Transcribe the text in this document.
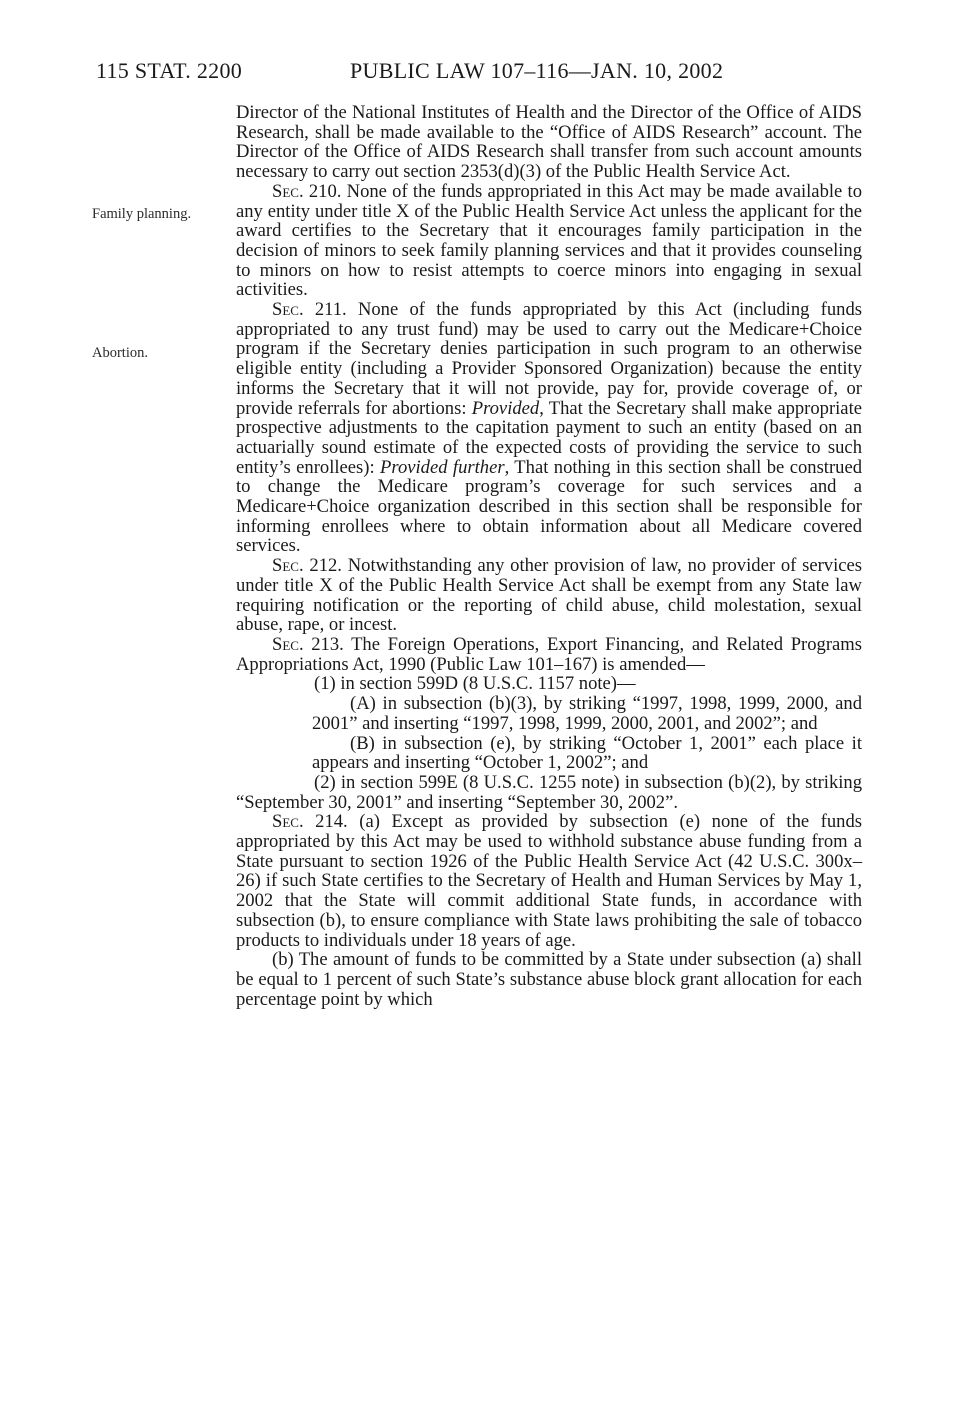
115 STAT. 2200	PUBLIC LAW 107–116—JAN. 10, 2002
Family planning.
Abortion.

Director of the National Institutes of Health and the Director of the Office of AIDS Research, shall be made available to the “Office of AIDS Research” account. The Director of the Office of AIDS Research shall transfer from such account amounts necessary to carry out section 2353(d)(3) of the Public Health Service Act.

Sec. 210. None of the funds appropriated in this Act may be made available to any entity under title X of the Public Health Service Act unless the applicant for the award certifies to the Secretary that it encourages family participation in the decision of minors to seek family planning services and that it provides counseling to minors on how to resist attempts to coerce minors into engaging in sexual activities.

Sec. 211. None of the funds appropriated by this Act (including funds appropriated to any trust fund) may be used to carry out the Medicare+Choice program if the Secretary denies participation in such program to an otherwise eligible entity (including a Provider Sponsored Organization) because the entity informs the Secretary that it will not provide, pay for, provide coverage of, or provide referrals for abortions: Provided, That the Secretary shall make appropriate prospective adjustments to the capitation payment to such an entity (based on an actuarially sound estimate of the expected costs of providing the service to such entity’s enrollees): Provided further, That nothing in this section shall be construed to change the Medicare program’s coverage for such services and a Medicare+Choice organization described in this section shall be responsible for informing enrollees where to obtain information about all Medicare covered services.

Sec. 212. Notwithstanding any other provision of law, no provider of services under title X of the Public Health Service Act shall be exempt from any State law requiring notification or the reporting of child abuse, child molestation, sexual abuse, rape, or incest.

Sec. 213. The Foreign Operations, Export Financing, and Related Programs Appropriations Act, 1990 (Public Law 101–167) is amended—

(1) in section 599D (8 U.S.C. 1157 note)—

(A) in subsection (b)(3), by striking “1997, 1998, 1999, 2000, and 2001” and inserting “1997, 1998, 1999, 2000, 2001, and 2002”; and

(B) in subsection (e), by striking “October 1, 2001” each place it appears and inserting “October 1, 2002”; and

(2) in section 599E (8 U.S.C. 1255 note) in subsection (b)(2), by striking “September 30, 2001” and inserting “September 30, 2002”.

Sec. 214. (a) Except as provided by subsection (e) none of the funds appropriated by this Act may be used to withhold substance abuse funding from a State pursuant to section 1926 of the Public Health Service Act (42 U.S.C. 300x–26) if such State certifies to the Secretary of Health and Human Services by May 1, 2002 that the State will commit additional State funds, in accordance with subsection (b), to ensure compliance with State laws prohibiting the sale of tobacco products to individuals under 18 years of age.

(b) The amount of funds to be committed by a State under subsection (a) shall be equal to 1 percent of such State’s substance abuse block grant allocation for each percentage point by which
